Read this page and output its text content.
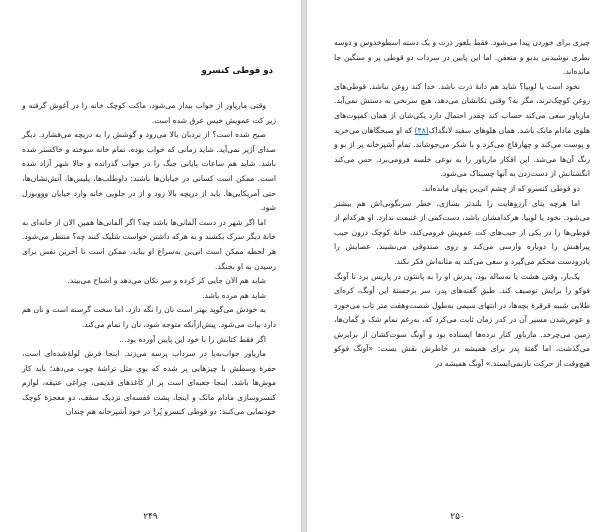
دو قوطی کنسرو

وقتی ماریاور از خواب بیدار می‌شود، ماکت کوچک خانه را در آغوش گرفته و زیر کت عمویش خیس عرق شده است.

صبح شده است؟ از نردبان بالا می‌رود و گوشش را به دریچه می‌فشارد. دیگر صدای آژیر نمی‌آید. شاید زمانی که خواب بوده، تمام خانه سوخته و خاکستر شده باشد. شاید هم ساعات پایانی جنگ را در خواب گذرانده و حالا شهر آزاد شده است. ممکن است کسانی در خیابان‌ها باشند: داوطلب‌ها، پلیس‌ها، آتش‌نشان‌ها، حتی آمریکایی‌ها. باید از دریچه بالا رود و از در جلویی خانه وارد خیابان وووبورل شود.

اما اگر شهر در دست آلمانی‌ها باشد چه؟ اگر آلمانی‌ها همین الان از خانه‌ای به خانهٔ دیگر سرک بکشند و به هرکه داشتن خواست شلیک کنند چه؟ منتظر می‌شود. هر لحظه ممکن است اتی‌ین به‌سراغ او بیاید، ممکن است تا آخرین نفس برای رسیدن به او بجنگد.

شاید هم الان جایی کز کرده و سر تکان می‌دهد و اشباح می‌بیند.

شاید هم مرده باشد.

به خودش می‌گوید بهتر است نان را نگه دارد. اما سخت گرسنه است و نان هم دارد بیات می‌شود. پیش‌ازآنکه متوجه شود، نان را تمام می‌کند.

اگر فقط کتابش را با خود این پایین آورده بود...

ماریاور جواب‌به‌پا در سرداب پرسه می‌زند. اینجا فرش لولهٔ‌شده‌ای است، حفرهٔ وسطش با چیزهایی پر شده که بوی مثل تراشهٔ چوب می‌دهد؛ باید کار موش‌ها باشد. اینجا جعبه‌ای است پر از کاغذهای قدیمی، چراغی عتیقه، لوازم کنسروسازی مادام مانک و اینجا، پشت قفسه‌ای نزدیک سقف، دو معجزهٔ کوچک خودنمایی می‌کنند: دو قوطی کنسرو پُر! در خود آشپزخانه هم چندان

۲۴۹

چیزی برای خوردن پیدا می‌شود. فقط بلغور ذرت و یک دسته اسطوخدوس و دوسه بطری نوشیدنی بدبو و متعفن. اما این پایین در سرداب دو قوطی پر و سنگین جا مانده‌اند.

نخود است یا لوبیا؟ شاید هم دانهٔ ذرت باشد. خدا کند روغن نباشد. قوطی‌های روغن کوچک‌ترند، مگر نه؟ وقتی تکانشان می‌دهد، هیچ سرنخی به دستش نمی‌آید. ماریاور سعی می‌کند حساب کند چقدر احتمال دارد یکی‌شان از همان کمپوت‌های هلوی مادام مانک باشد. همان هلوهای سفید لانگداک(۴۸) که او صبحگاهان می‌خرید و پوست می‌کند و چهارقاچ می‌کرد و با شکر می‌جوشاند. تمام آشپزخانه پر از بو و رنگ آن‌ها می‌شد. این افکار ماریاور را به نوعی خلسه فرومی‌برد. حس می‌کند انگشتانش از دست‌زدن به آنها چسبناک می‌شود.

دو قوطی کنسرو که از چشم اتی‌ین پنهان مانده‌اند.

اما هرچه بنای آرزوهایت را بلندتر بسازی، خطر سرنگونی‌اش هم بیشتر می‌شود. نخود یا لوبیا. هرکدامشان باشد، دست‌کمی از غنیمت ندارد. او هرکدام از قوطی‌ها را در یکی از جیب‌های کت عمویش فرومی‌کند، خانهٔ کوچک درون جیب پیراهنش را دوباره وارسی می‌کند و روی صندوقی می‌نشیند. عصایش را بادرودست محکم می‌گیرد و سعی می‌کند به مثانه‌اش فکر نکند.

یک‌بار، وقتی هشت یا نه‌ساله بود، پدرش او را به پانتئون در پاریس برد تا آونگ فوکو را برایش توصیف کند. طبق گفته‌های پدر، سر برجستهٔ این آونگ، کره‌ای طلایی شبیه قرقرهٔ بچه‌ها، در انتهای سیمی به‌طول شصت‌وهفت متر تاب می‌خورد و عوض‌شدن مسیر آن در کدر زمان ثابت می‌کرد که، به‌رغم تمام شک و گمان‌ها، زمین می‌چرخد. ماریاور کنار نرده‌ها ایستاده بود و آونگ سوت‌کشان از برابرش می‌گذشت، اما گفتهٔ پدر برای همیشه در خاطرش نقش بست: «آونگ فوکو هیچ‌وقت از حرکت بازنمی‌ایستد.» آونگ همیشه در

۲۵۰
